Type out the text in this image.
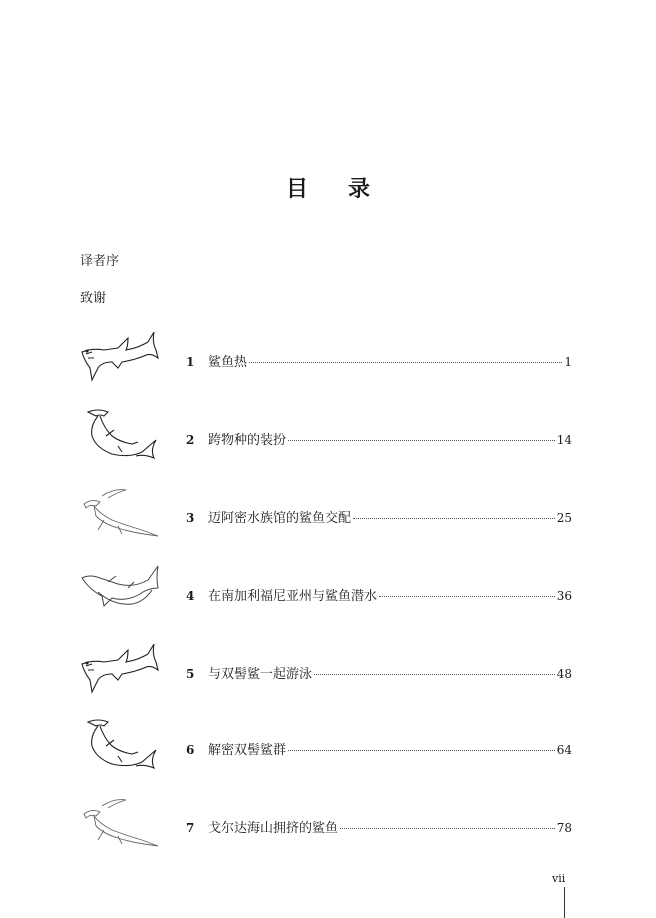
目 录
译者序
致谢
1	鲨鱼热	1
2	跨物种的装扮	14
3	迈阿密水族馆的鲨鱼交配	25
4	在南加利福尼亚州与鲨鱼潜水	36
5	与双髻鲨一起游泳	48
6	解密双髻鲨群	64
7	戈尔达海山拥挤的鲨鱼	78
vii
